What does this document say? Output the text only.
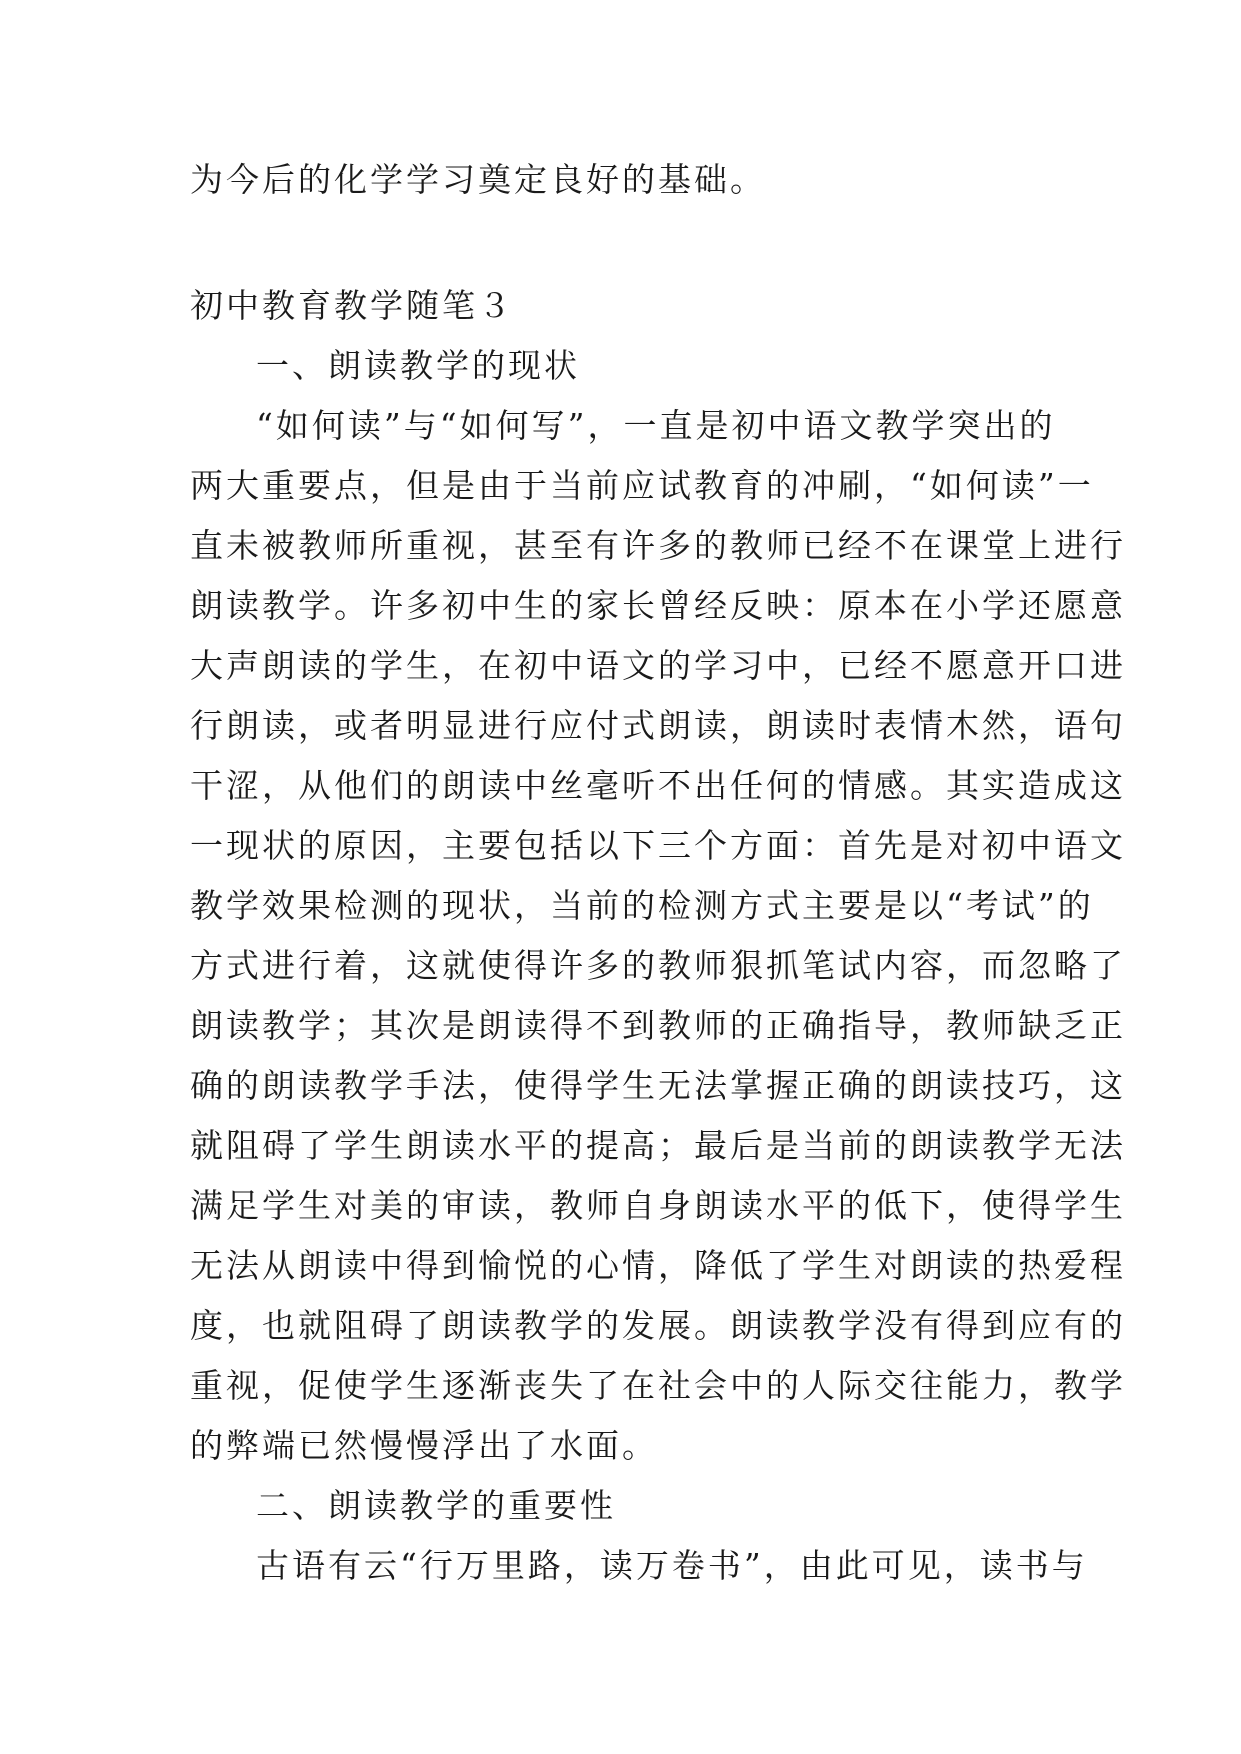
为今后的化学学习奠定良好的基础。
初中教育教学随笔３
一、朗读教学的现状
“如何读”与“如何写”，一直是初中语文教学突出的
两大重要点，但是由于当前应试教育的冲刷，“如何读”一
直未被教师所重视，甚至有许多的教师已经不在课堂上进行
朗读教学。许多初中生的家长曾经反映：原本在小学还愿意
大声朗读的学生，在初中语文的学习中，已经不愿意开口进
行朗读，或者明显进行应付式朗读，朗读时表情木然，语句
干涩，从他们的朗读中丝毫听不出任何的情感。其实造成这
一现状的原因，主要包括以下三个方面：首先是对初中语文
教学效果检测的现状，当前的检测方式主要是以“考试”的
方式进行着，这就使得许多的教师狠抓笔试内容，而忽略了
朗读教学；其次是朗读得不到教师的正确指导，教师缺乏正
确的朗读教学手法，使得学生无法掌握正确的朗读技巧，这
就阻碍了学生朗读水平的提高；最后是当前的朗读教学无法
满足学生对美的审读，教师自身朗读水平的低下，使得学生
无法从朗读中得到愉悦的心情，降低了学生对朗读的热爱程
度，也就阻碍了朗读教学的发展。朗读教学没有得到应有的
重视，促使学生逐渐丧失了在社会中的人际交往能力，教学
的弊端已然慢慢浮出了水面。
二、朗读教学的重要性
古语有云“行万里路，读万卷书”，由此可见，读书与
